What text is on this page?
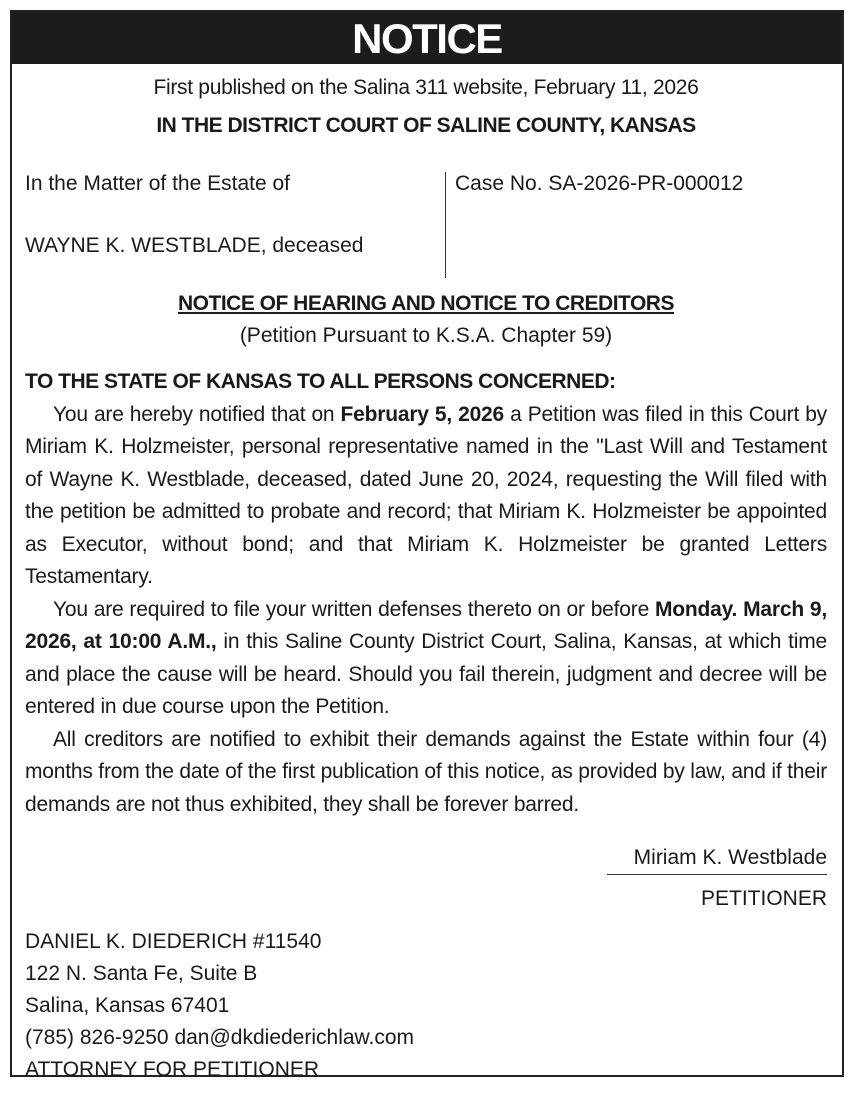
NOTICE
First published on the Salina 311 website, February 11, 2026
IN THE DISTRICT COURT OF SALINE COUNTY, KANSAS
In the Matter of the Estate of
WAYNE K. WESTBLADE, deceased
Case No. SA-2026-PR-000012
NOTICE OF HEARING AND NOTICE TO CREDITORS
(Petition Pursuant to K.S.A. Chapter 59)

TO THE STATE OF KANSAS TO ALL PERSONS CONCERNED:

You are hereby notified that on February 5, 2026 a Petition was filed in this Court by Miriam K. Holzmeister, personal representative named in the "Last Will and Testament of Wayne K. Westblade, deceased, dated June 20, 2024, requesting the Will filed with the petition be admitted to probate and record; that Miriam K. Holzmeister be appointed as Executor, without bond; and that Miriam K. Holzmeister be granted Letters Testamentary.

You are required to file your written defenses thereto on or before Monday. March 9, 2026, at 10:00 A.M., in this Saline County District Court, Salina, Kansas, at which time and place the cause will be heard. Should you fail therein, judgment and decree will be entered in due course upon the Petition.

All creditors are notified to exhibit their demands against the Estate within four (4) months from the date of the first publication of this notice, as provided by law, and if their demands are not thus exhibited, they shall be forever barred.

Miriam K. Westblade
PETITIONER
DANIEL K. DIEDERICH #11540
122 N. Santa Fe, Suite B
Salina, Kansas 67401
(785) 826-9250 dan@dkdiederichlaw.com
ATTORNEY FOR PETITIONER
